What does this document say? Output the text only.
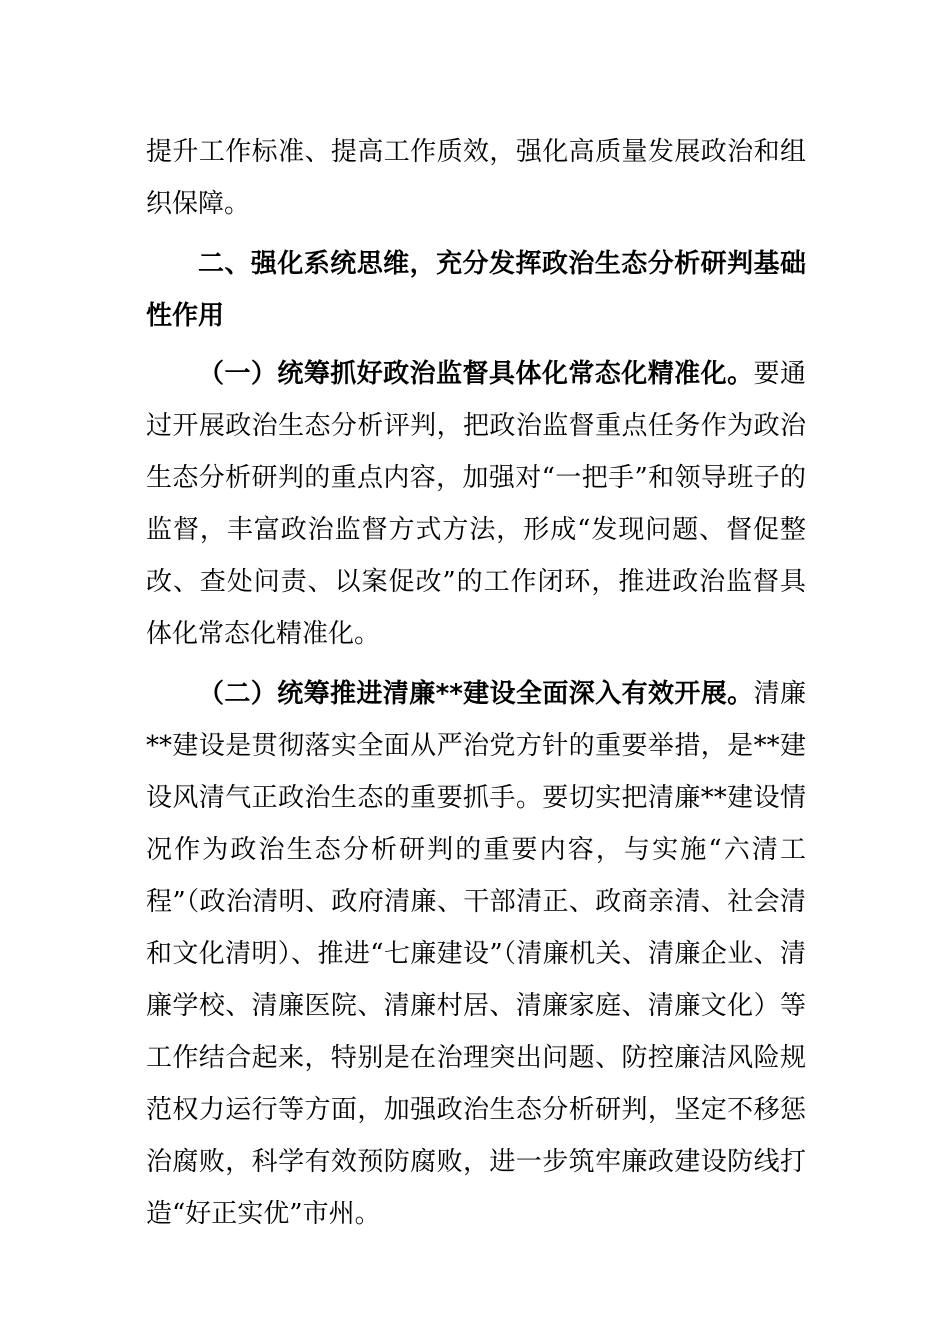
提升工作标准、提高工作质效，强化高质量发展政治和组织保障。

二、强化系统思维，充分发挥政治生态分析研判基础性作用

（一）统筹抓好政治监督具体化常态化精准化。要通过开展政治生态分析评判，把政治监督重点任务作为政治生态分析研判的重点内容，加强对“一把手”和领导班子的监督，丰富政治监督方式方法，形成“发现问题、督促整改、查处问责、以案促改”的工作闭环，推进政治监督具体化常态化精准化。

（二）统筹推进清廉**建设全面深入有效开展。清廉**建设是贯彻落实全面从严治党方针的重要举措，是**建设风清气正政治生态的重要抓手。要切实把清廉**建设情况作为政治生态分析研判的重要内容，与实施“六清工程”（政治清明、政府清廉、干部清正、政商亲清、社会清和文化清明）、推进“七廉建设”（清廉机关、清廉企业、清廉学校、清廉医院、清廉村居、清廉家庭、清廉文化）等工作结合起来，特别是在治理突出问题、防控廉洁风险规范权力运行等方面，加强政治生态分析研判，坚定不移惩治腐败，科学有效预防腐败，进一步筑牢廉政建设防线打造“好正实优”市州。
